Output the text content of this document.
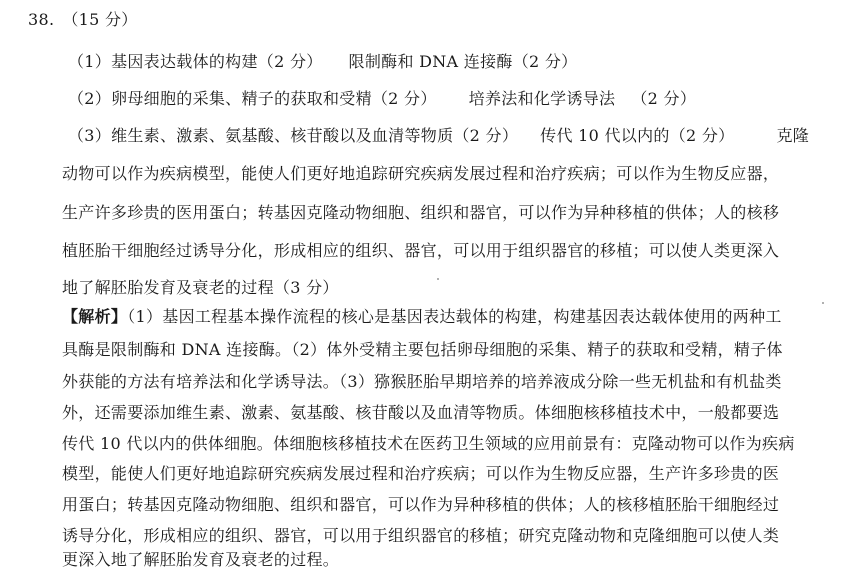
38. （15 分）
（1）基因表达载体的构建（2 分） 限制酶和 DNA 连接酶（2 分）
（2）卵母细胞的采集、精子的获取和受精（2 分） 培养法和化学诱导法 （2 分）
（3）维生素、激素、氨基酸、核苷酸以及血清等物质（2 分） 传代 10 代以内的（2 分）	克隆
动物可以作为疾病模型，能使人们更好地追踪研究疾病发展过程和治疗疾病；可以作为生物反应器，
生产许多珍贵的医用蛋白；转基因克隆动物细胞、组织和器官，可以作为异种移植的供体；人的核移
植胚胎干细胞经过诱导分化，形成相应的组织、器官，可以用于组织器官的移植；可以使人类更深入
地了解胚胎发育及衰老的过程（3 分）
【解析】（1）基因工程基本操作流程的核心是基因表达载体的构建，构建基因表达载体使用的两种工
具酶是限制酶和 DNA 连接酶。（2）体外受精主要包括卵母细胞的采集、精子的获取和受精，精子体
外获能的方法有培养法和化学诱导法。（3）猕猴胚胎早期培养的培养液成分除一些无机盐和有机盐类
外，还需要添加维生素、激素、氨基酸、核苷酸以及血清等物质。体细胞核移植技术中，一般都要选
传代 10 代以内的供体细胞。体细胞核移植技术在医药卫生领域的应用前景有：克隆动物可以作为疾病
模型，能使人们更好地追踪研究疾病发展过程和治疗疾病；可以作为生物反应器，生产许多珍贵的医
用蛋白；转基因克隆动物细胞、组织和器官，可以作为异种移植的供体；人的核移植胚胎干细胞经过
诱导分化，形成相应的组织、器官，可以用于组织器官的移植；研究克隆动物和克隆细胞可以使人类
更深入地了解胚胎发育及衰老的过程。
